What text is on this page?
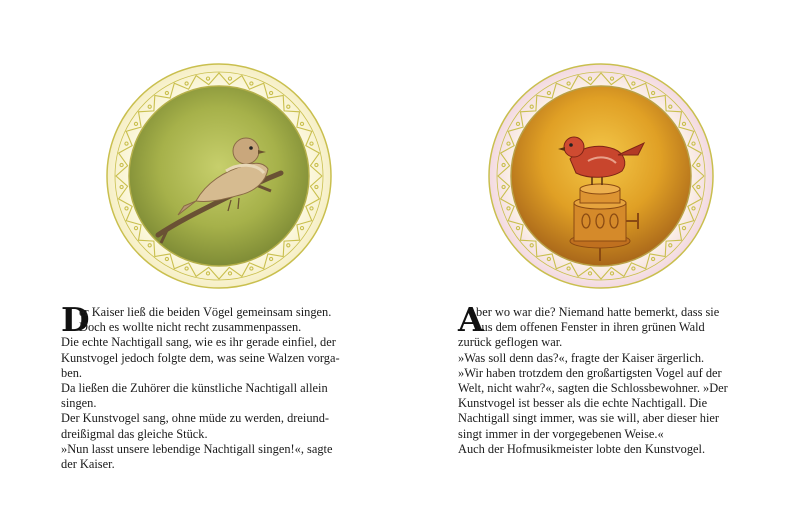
D
er Kaiser ließ die beiden Vögel gemeinsam singen.
Doch es wollte nicht recht zusammenpassen.
Die echte Nachtigall sang, wie es ihr gerade einfiel, der
Kunstvogel jedoch folgte dem, was seine Walzen vorga-
ben.
Da ließen die Zuhörer die künstliche Nachtigall allein
singen.
Der Kunstvogel sang, ohne müde zu werden, dreiund-
dreißigmal das gleiche Stück.
»Nun lasst unsere lebendige Nachtigall singen!«, sagte
der Kaiser.
A
ber wo war die? Niemand hatte bemerkt, dass sie
aus dem offenen Fenster in ihren grünen Wald
zurück geflogen war.
»Was soll denn das?«, fragte der Kaiser ärgerlich.
»Wir haben trotzdem den großartigsten Vogel auf der
Welt, nicht wahr?«, sagten die Schlossbewohner. »Der
Kunstvogel ist besser als die echte Nachtigall. Die
Nachtigall singt immer, was sie will, aber dieser hier
singt immer in der vorgegebenen Weise.«
Auch der Hofmusikmeister lobte den Kunstvogel.
